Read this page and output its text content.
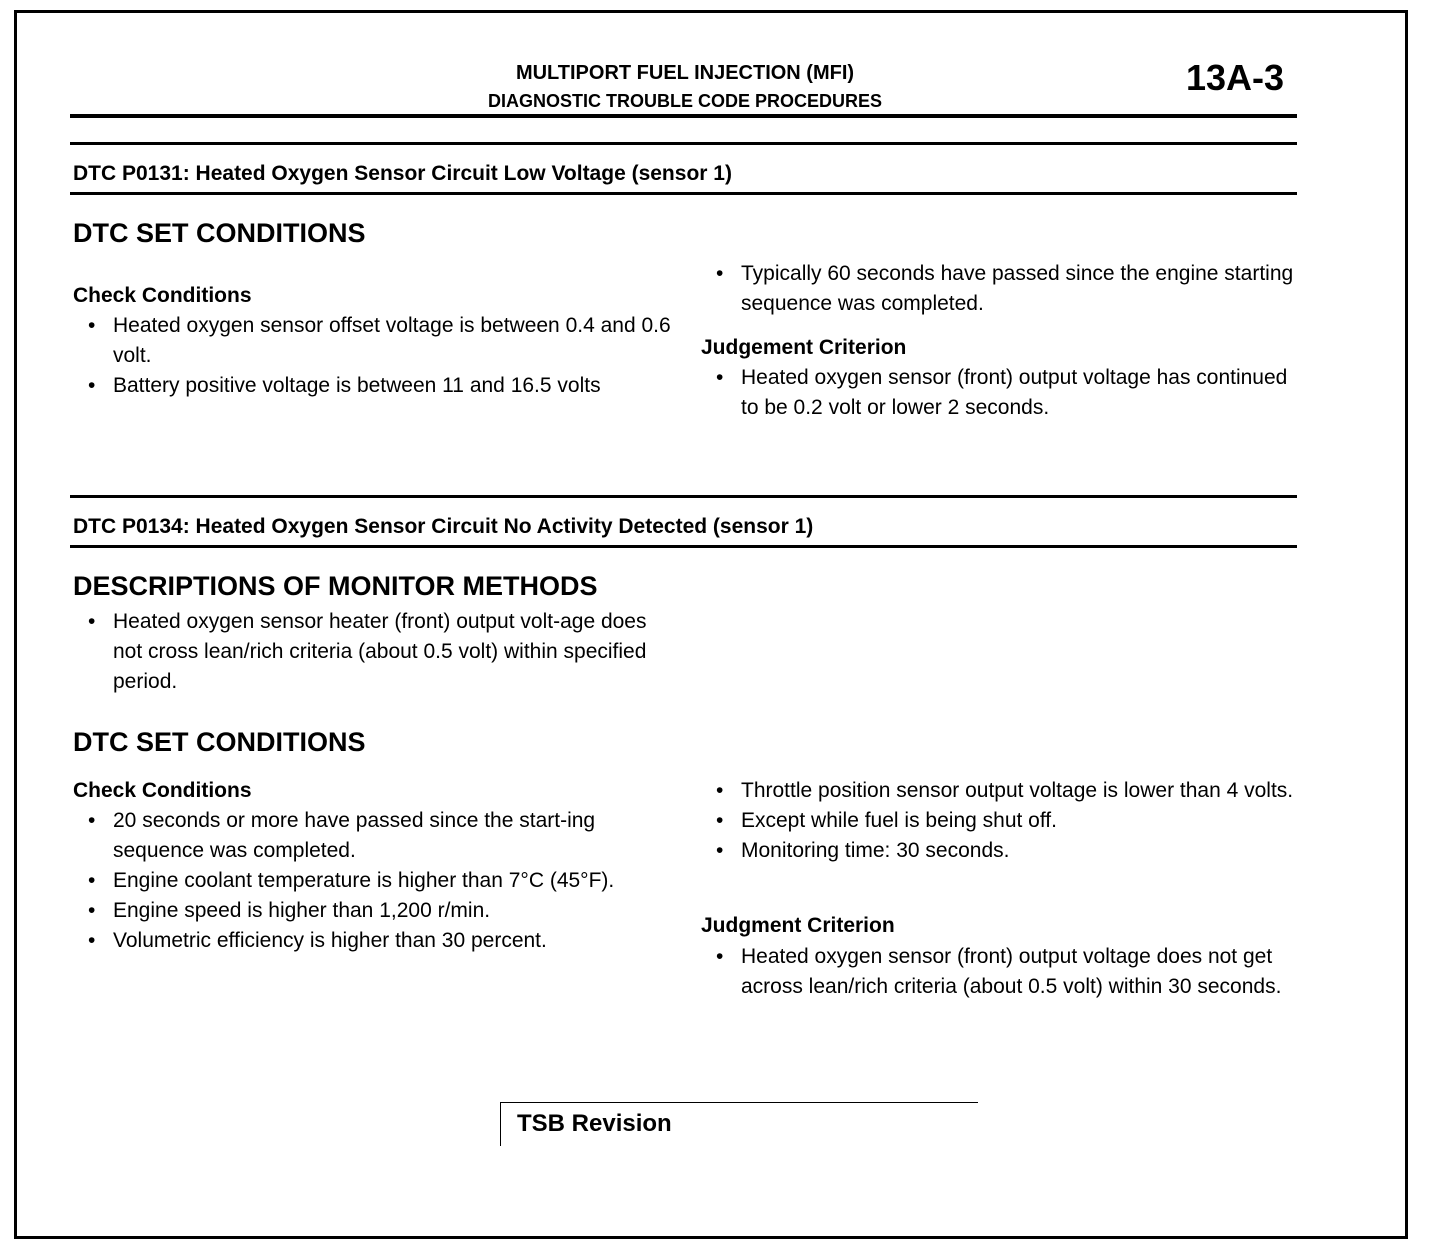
MULTIPORT FUEL INJECTION (MFI)
DIAGNOSTIC TROUBLE CODE PROCEDURES
13A-3
DTC P0131: Heated Oxygen Sensor Circuit Low Voltage (sensor 1)
DTC SET CONDITIONS
Check Conditions
• Heated oxygen sensor offset voltage is between 0.4 and 0.6 volt.
• Battery positive voltage is between 11 and 16.5 volts
• Typically 60 seconds have passed since the engine starting sequence was completed.
Judgement Criterion
• Heated oxygen sensor (front) output voltage has continued to be 0.2 volt or lower 2 seconds.
DTC P0134: Heated Oxygen Sensor Circuit No Activity Detected (sensor 1)
DESCRIPTIONS OF MONITOR METHODS
• Heated oxygen sensor heater (front) output volt-age does not cross lean/rich criteria (about 0.5 volt) within specified period.
DTC SET CONDITIONS
Check Conditions
• 20 seconds or more have passed since the start-ing sequence was completed.
• Engine coolant temperature is higher than 7°C (45°F).
• Engine speed is higher than 1,200 r/min.
• Volumetric efficiency is higher than 30 percent.
• Throttle position sensor output voltage is lower than 4 volts.
• Except while fuel is being shut off.
• Monitoring time: 30 seconds.
Judgment Criterion
• Heated oxygen sensor (front) output voltage does not get across lean/rich criteria (about 0.5 volt) within 30 seconds.
TSB Revision
